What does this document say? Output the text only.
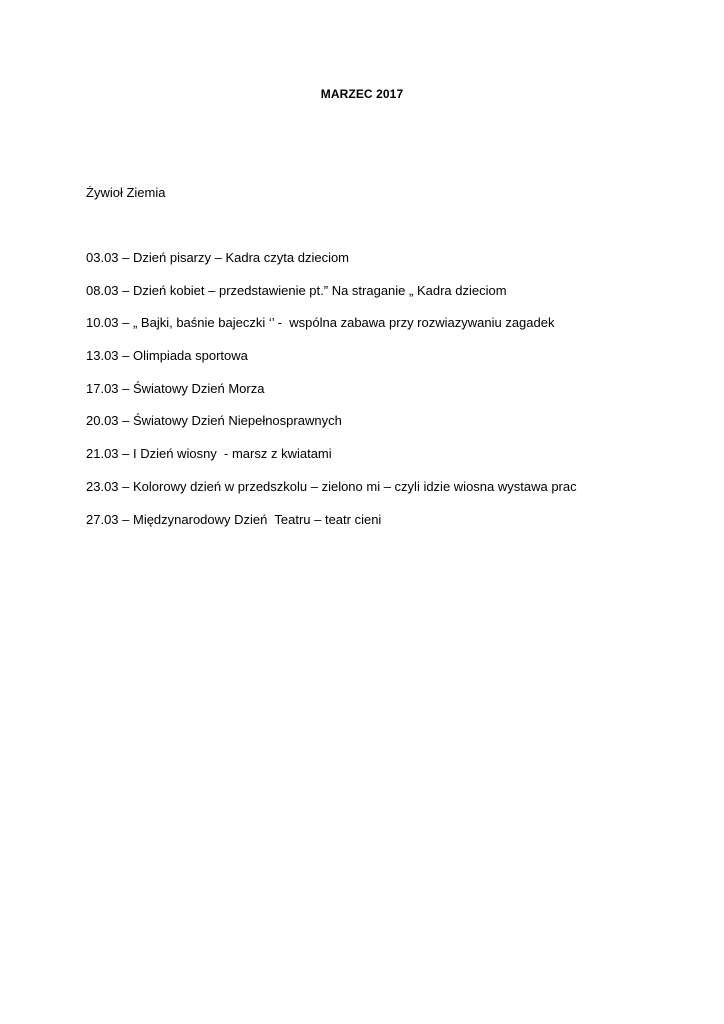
MARZEC 2017
Żywioł Ziemia
03.03 – Dzień pisarzy – Kadra czyta dzieciom
08.03 – Dzień kobiet – przedstawienie pt.” Na straganie „ Kadra dzieciom
10.03 – „ Bajki, baśnie bajeczki ‘’ -  wspólna zabawa przy rozwiazywaniu zagadek
13.03 – Olimpiada sportowa
17.03 – Światowy Dzień Morza
20.03 – Światowy Dzień Niepełnosprawnych
21.03 – I Dzień wiosny  - marsz z kwiatami
23.03 – Kolorowy dzień w przedszkolu – zielono mi – czyli idzie wiosna wystawa prac
27.03 – Międzynarodowy Dzień  Teatru – teatr cieni
